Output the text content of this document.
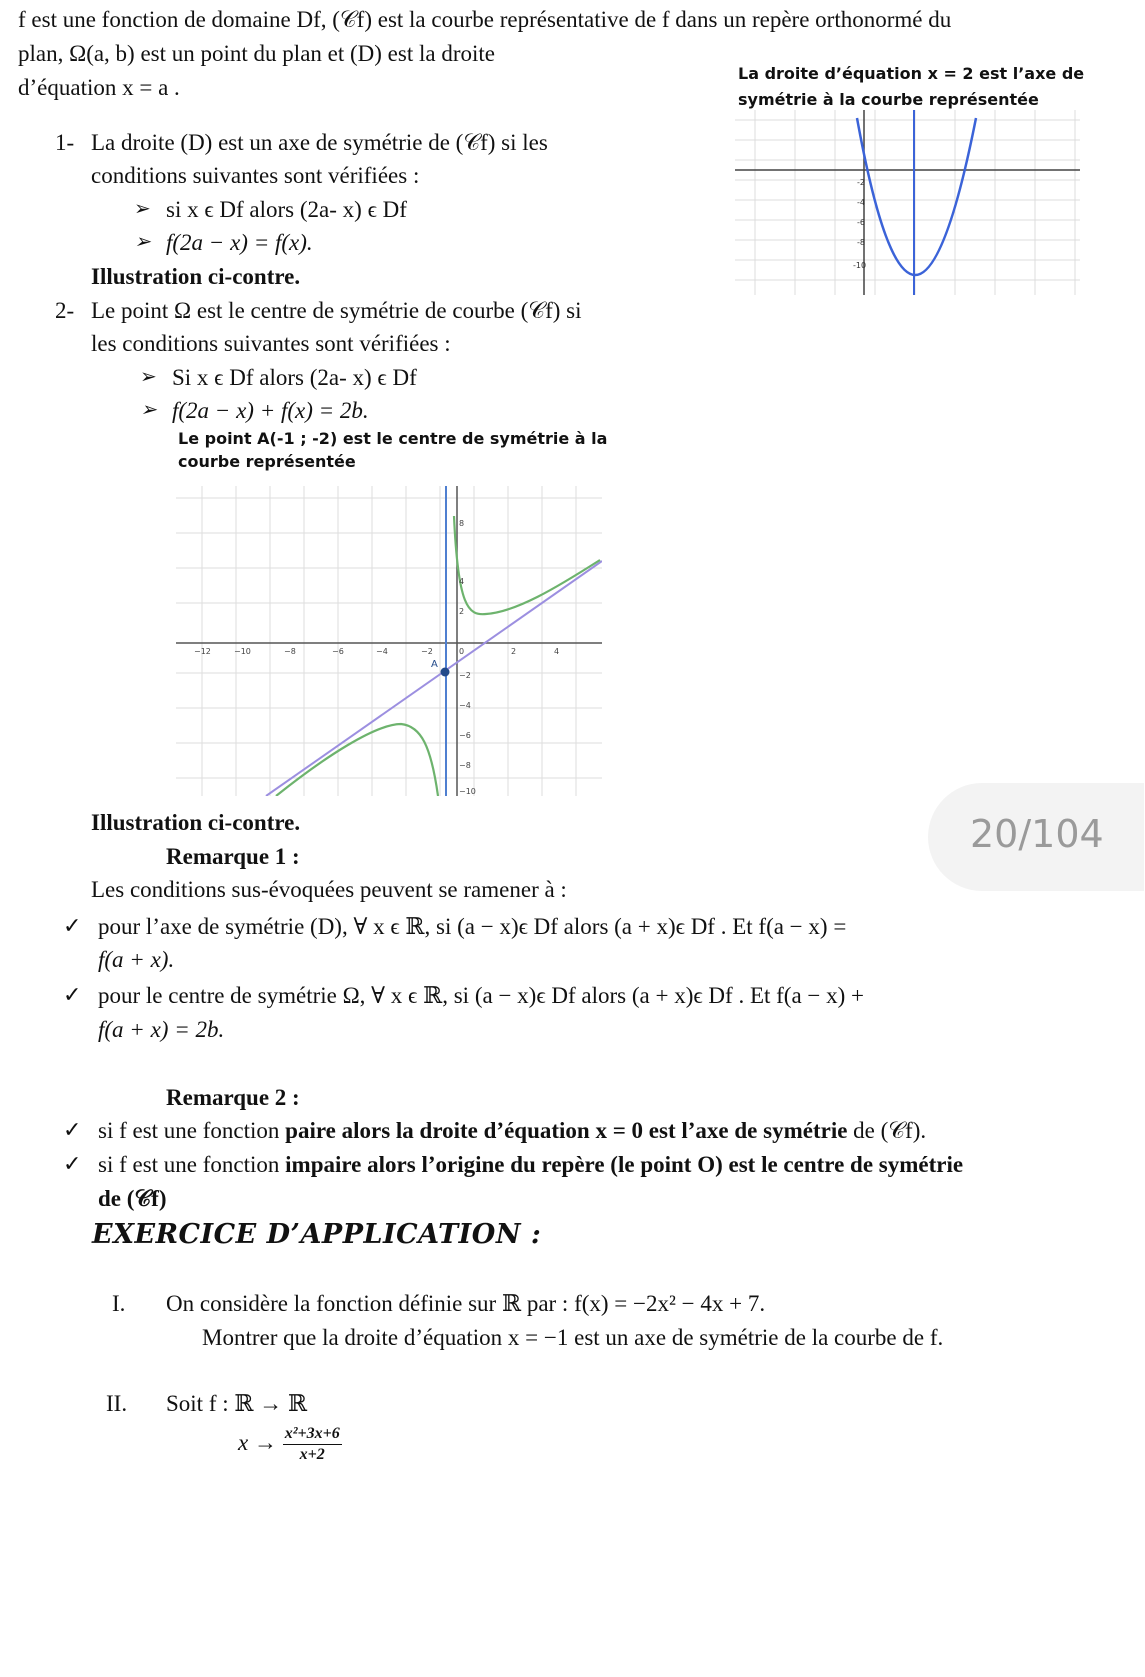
f est une fonction de domaine Df, (𝒞f) est la courbe représentative de f dans un repère orthonormé du
plan, Ω(a, b) est un point du plan et (D) est la droite
d’équation x = a .
La droite d’équation x = 2 est l’axe de
symétrie à la courbe représentée
-2
-4
-6
-8
-10
1- La droite (D) est un axe de symétrie de (𝒞f) si les
conditions suivantes sont vérifiées :
➢ si x ϵ Df alors (2a- x) ϵ Df
➢ f(2a − x) = f(x).
Illustration ci-contre.
2- Le point Ω est le centre de symétrie de courbe (𝒞f) si
les conditions suivantes sont vérifiées :
➢ Si x ϵ Df alors (2a- x) ϵ Df
➢ f(2a − x) + f(x) = 2b.
Le point A(-1 ; -2) est le centre de symétrie à la
courbe représentée
A
−12	−10	−8	−6	−4	−2	0	2	4
8
4
2
−2
−4
−6
−8
−10
20/104
Illustration ci-contre.
Remarque 1 :
Les conditions sus-évoquées peuvent se ramener à :
✓ pour l’axe de symétrie (D), ∀ x ϵ ℝ, si (a − x)ϵ Df alors (a + x)ϵ Df . Et f(a − x) =
f(a + x).
✓ pour le centre de symétrie Ω, ∀ x ϵ ℝ, si (a − x)ϵ Df alors (a + x)ϵ Df . Et f(a − x) +
f(a + x) = 2b.
Remarque 2 :
✓ si f est une fonction paire alors la droite d’équation x = 0 est l’axe de symétrie de (𝒞f).
✓ si f est une fonction impaire alors l’origine du repère (le point O) est le centre de symétrie
de (𝒞f)
EXERCICE D’APPLICATION :
I. On considère la fonction définie sur ℝ par : f(x) = −2x² − 4x + 7.
Montrer que la droite d’équation x = −1 est un axe de symétrie de la courbe de f.
II. Soit f : ℝ → ℝ
$x \to \frac{\text{x²+3x+6}}{x+2}$
